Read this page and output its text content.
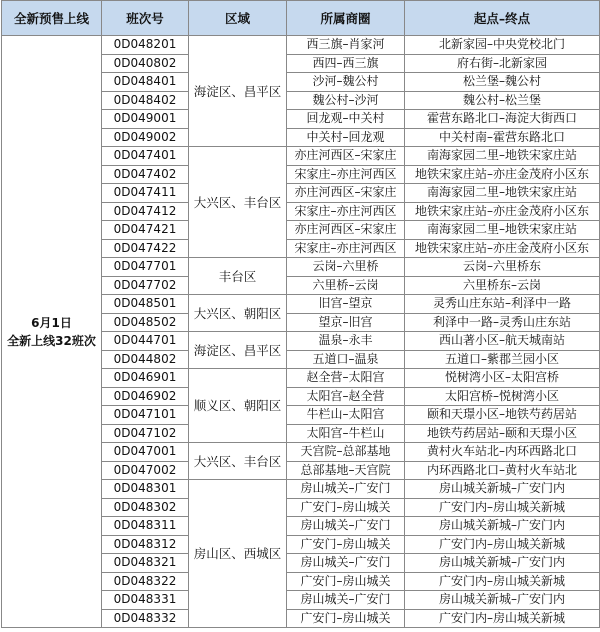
全新预售上线	班次号	区域	所属商圈	起点–终点

6月1日
全新上线32班次	0D048201	海淀区、昌平区	西三旗–肖家河	北新家园–中央党校北门
	0D040802		西四–西三旗	府右街–北新家园
	0D048401		沙河–魏公村	松兰堡–魏公村
	0D048402		魏公村–沙河	魏公村–松兰堡
	0D049001		回龙观–中关村	霍营东路北口–海淀大街西口
	0D049002		中关村–回龙观	中关村南–霍营东路北口
	0D047401	大兴区、丰台区	亦庄河西区–宋家庄	南海家园二里–地铁宋家庄站
	0D047402		宋家庄–亦庄河西区	地铁宋家庄站–亦庄金茂府小区东
	0D047411		亦庄河西区–宋家庄	南海家园二里–地铁宋家庄站
	0D047412		宋家庄–亦庄河西区	地铁宋家庄站–亦庄金茂府小区东
	0D047421		亦庄河西区–宋家庄	南海家园二里–地铁宋家庄站
	0D047422		宋家庄–亦庄河西区	地铁宋家庄站–亦庄金茂府小区东
	0D047701	丰台区	云岗–六里桥	云岗–六里桥东
	0D047702		六里桥–云岗	六里桥东–云岗
	0D048501	大兴区、朝阳区	旧宫–望京	灵秀山庄东站–利泽中一路
	0D048502		望京–旧宫	利泽中一路–灵秀山庄东站
	0D044701	海淀区、昌平区	温泉–永丰	西山著小区–航天城南站
	0D044802		五道口–温泉	五道口–紫郡兰园小区
	0D046901	顺义区、朝阳区	赵全营–太阳宫	悦树湾小区–太阳宫桥
	0D046902		太阳宫–赵全营	太阳宫桥–悦树湾小区
	0D047101		牛栏山–太阳宫	颐和天璟小区–地铁芍药居站
	0D047102		太阳宫–牛栏山	地铁芍药居站–颐和天璟小区
	0D047001	大兴区、丰台区	天宫院–总部基地	黄村火车站北–内环西路北口
	0D047002		总部基地–天宫院	内环西路北口–黄村火车站北
	0D048301	房山区、西城区	房山城关–广安门	房山城关新城–广安门内
	0D048302		广安门–房山城关	广安门内–房山城关新城
	0D048311		房山城关–广安门	房山城关新城–广安门内
	0D048312		广安门–房山城关	广安门内–房山城关新城
	0D048321		房山城关–广安门	房山城关新城–广安门内
	0D048322		广安门–房山城关	广安门内–房山城关新城
	0D048331		房山城关–广安门	房山城关新城–广安门内
	0D048332		广安门–房山城关	广安门内–房山城关新城
